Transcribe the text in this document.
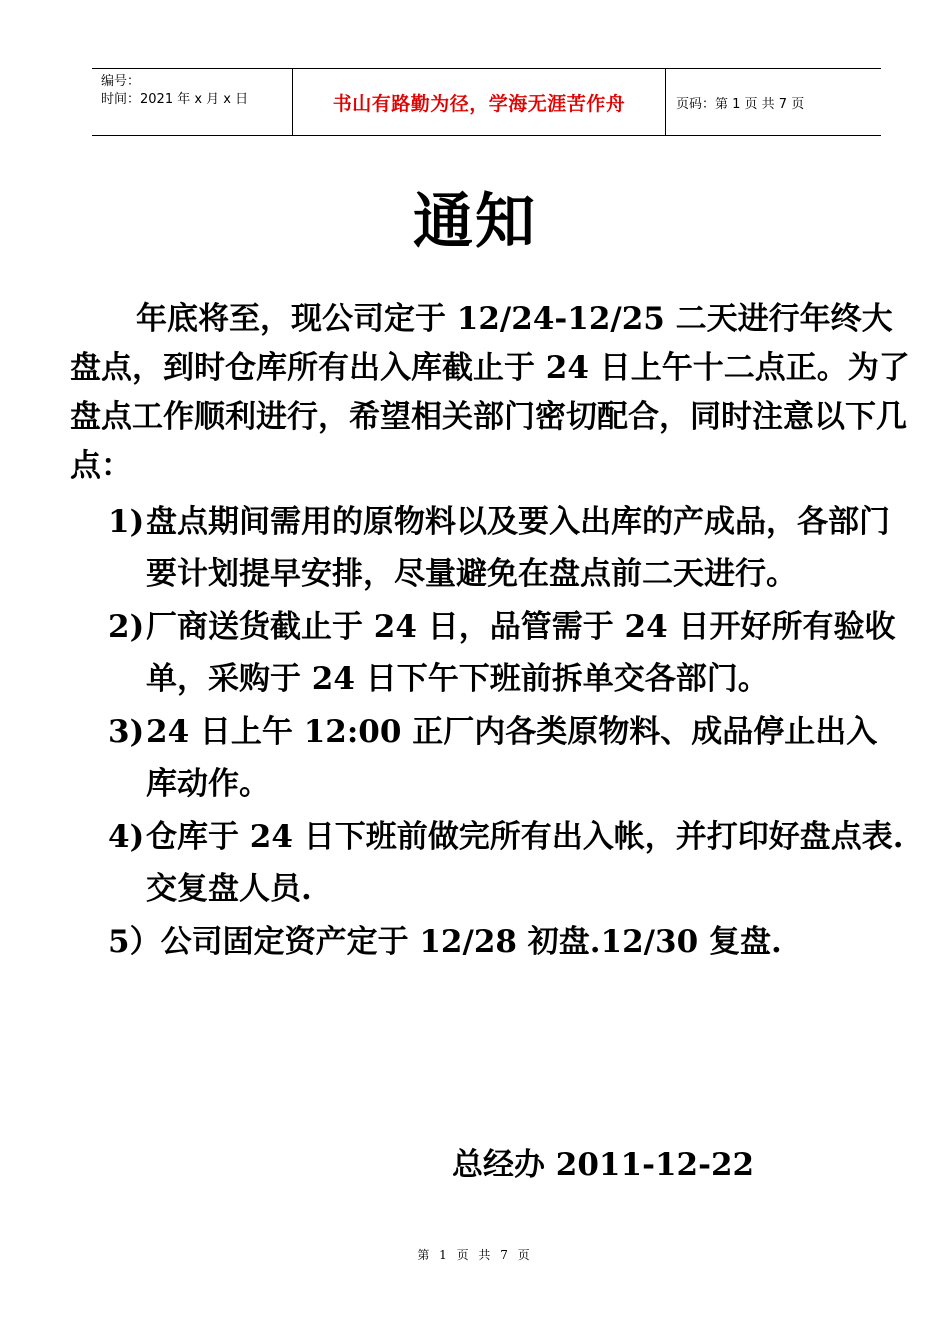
编号：
时间：2021 年 x 月 x 日	书山有路勤为径，学海无涯苦作舟	页码：第 1 页 共 7 页
通知

年底将至，现公司定于 12/24-12/25 二天进行年终大盘点，到时仓库所有出入库截止于 24 日上午十二点正。为了盘点工作顺利进行，希望相关部门密切配合，同时注意以下几点：

1) 盘点期间需用的原物料以及要入出库的产成品，各部门要计划提早安排，尽量避免在盘点前二天进行。
2) 厂商送货截止于 24 日，品管需于 24 日开好所有验收单，采购于 24 日下午下班前拆单交各部门。
3) 24 日上午 12:00 正厂内各类原物料、成品停止出入库动作。
4) 仓库于 24 日下班前做完所有出入帐，并打印好盘点表.交复盘人员.
5）公司固定资产定于 12/28 初盘.12/30 复盘.
总经办 2011-12-22
第 1 页 共 7 页
